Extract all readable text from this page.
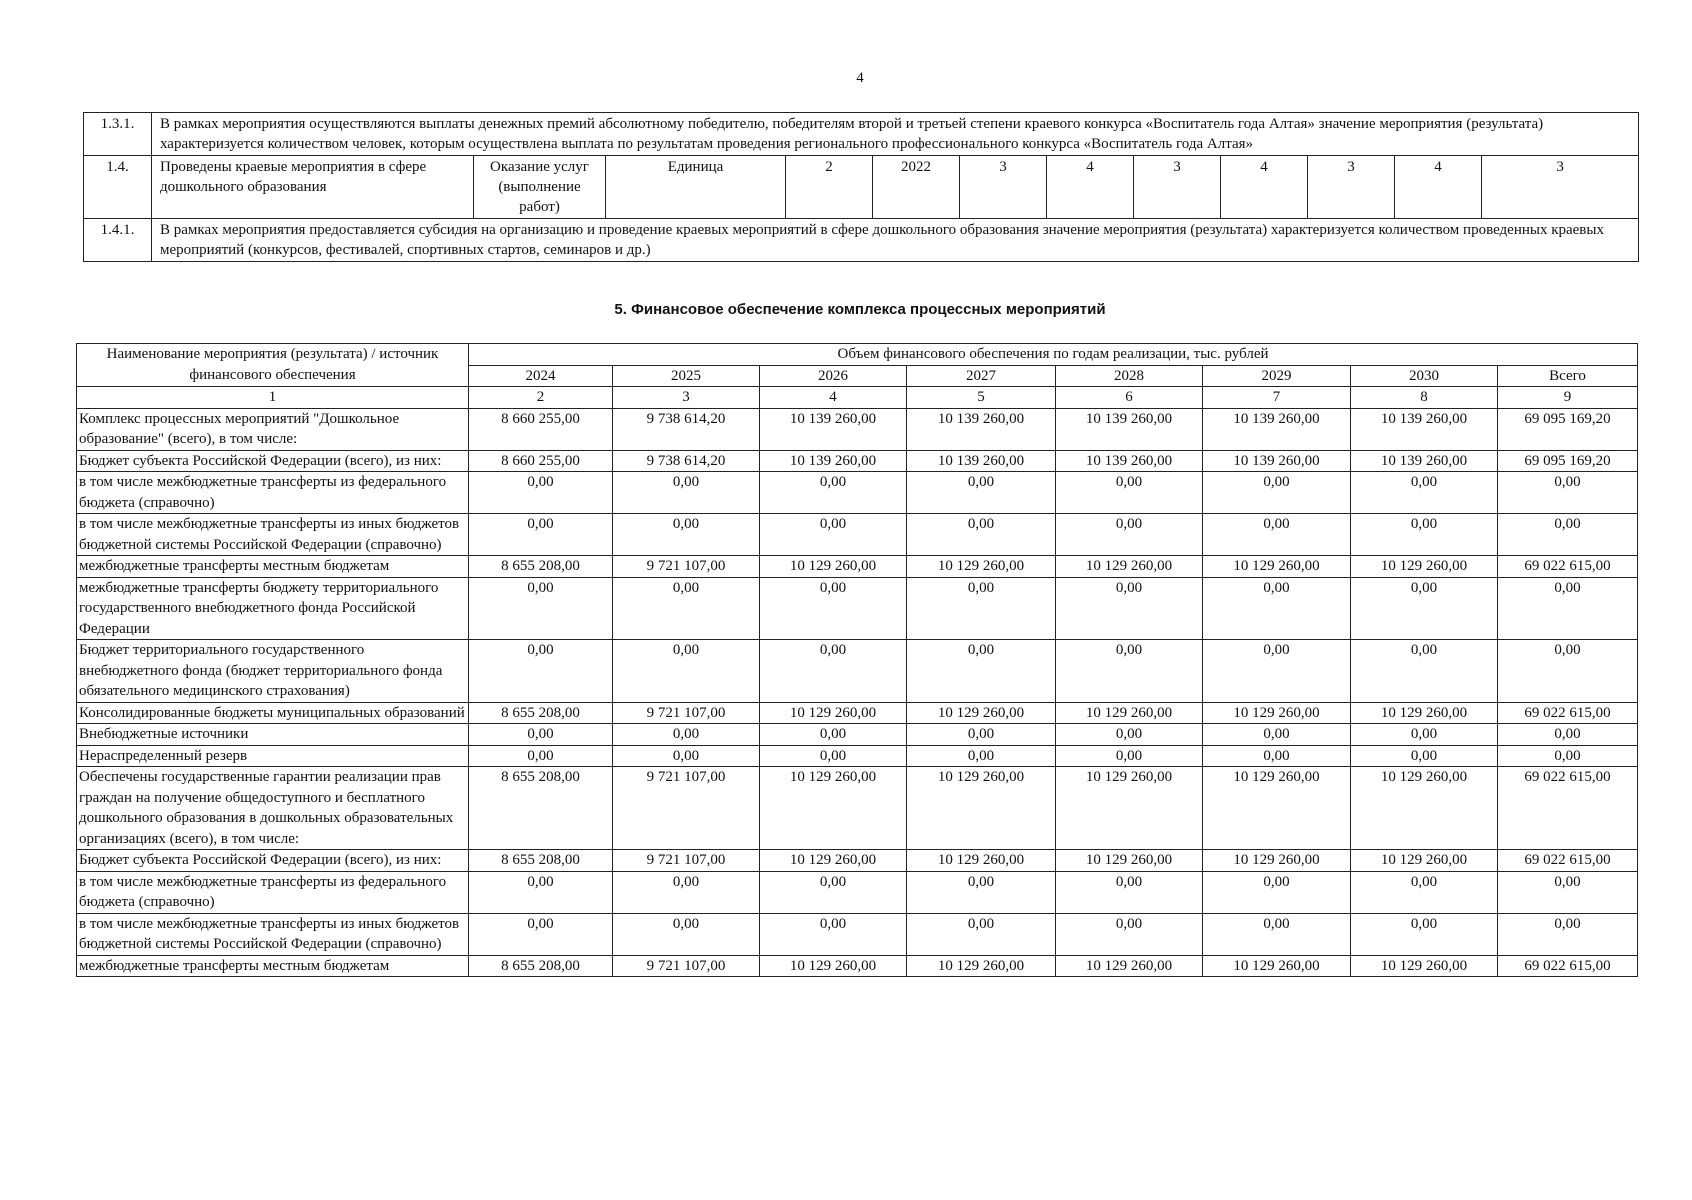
4
1.3.1.	В рамках мероприятия осуществляются выплаты денежных премий абсолютному победителю, победителям второй и третьей степени краевого конкурса «Воспитатель года Алтая» значение мероприятия (результата) характеризуется количеством человек, которым осуществлена выплата по результатам проведения регионального профессионального конкурса «Воспитатель года Алтая»											
1.4.	Проведены краевые мероприятия в сфере дошкольного образования	Оказание услуг (выполнение работ)	Единица	2	2022	3	4	3	4	3	4	3
1.4.1.	В рамках мероприятия предоставляется субсидия на организацию и проведение краевых мероприятий в сфере дошкольного образования значение мероприятия (результата) характеризуется количеством проведенных краевых мероприятий (конкурсов, фестивалей, спортивных стартов, семинаров и др.)											
5. Финансовое обеспечение комплекса процессных мероприятий
Наименование мероприятия (результата) / источник финансового обеспечения	Объем финансового обеспечения по годам реализации, тыс. рублей							
	2024	2025	2026	2027	2028	2029	2030	Всего
1	2	3	4	5	6	7	8	9
Комплекс процессных мероприятий "Дошкольное образование" (всего), в том числе:	8 660 255,00	9 738 614,20	10 139 260,00	10 139 260,00	10 139 260,00	10 139 260,00	10 139 260,00	69 095 169,20
Бюджет субъекта Российской Федерации (всего), из них:	8 660 255,00	9 738 614,20	10 139 260,00	10 139 260,00	10 139 260,00	10 139 260,00	10 139 260,00	69 095 169,20
в том числе межбюджетные трансферты из федерального бюджета (справочно)	0,00	0,00	0,00	0,00	0,00	0,00	0,00	0,00
в том числе межбюджетные трансферты из иных бюджетов бюджетной системы Российской Федерации (справочно)	0,00	0,00	0,00	0,00	0,00	0,00	0,00	0,00
межбюджетные трансферты местным бюджетам	8 655 208,00	9 721 107,00	10 129 260,00	10 129 260,00	10 129 260,00	10 129 260,00	10 129 260,00	69 022 615,00
межбюджетные трансферты бюджету территориального государственного внебюджетного фонда Российской Федерации	0,00	0,00	0,00	0,00	0,00	0,00	0,00	0,00
Бюджет территориального государственного внебюджетного фонда (бюджет территориального фонда обязательного медицинского страхования)	0,00	0,00	0,00	0,00	0,00	0,00	0,00	0,00
Консолидированные бюджеты муниципальных образований	8 655 208,00	9 721 107,00	10 129 260,00	10 129 260,00	10 129 260,00	10 129 260,00	10 129 260,00	69 022 615,00
Внебюджетные источники	0,00	0,00	0,00	0,00	0,00	0,00	0,00	0,00
Нераспределенный резерв	0,00	0,00	0,00	0,00	0,00	0,00	0,00	0,00
Обеспечены государственные гарантии реализации прав граждан на получение общедоступного и бесплатного дошкольного образования в дошкольных образовательных организациях (всего), в том числе:	8 655 208,00	9 721 107,00	10 129 260,00	10 129 260,00	10 129 260,00	10 129 260,00	10 129 260,00	69 022 615,00
Бюджет субъекта Российской Федерации (всего), из них:	8 655 208,00	9 721 107,00	10 129 260,00	10 129 260,00	10 129 260,00	10 129 260,00	10 129 260,00	69 022 615,00
в том числе межбюджетные трансферты из федерального бюджета (справочно)	0,00	0,00	0,00	0,00	0,00	0,00	0,00	0,00
в том числе межбюджетные трансферты из иных бюджетов бюджетной системы Российской Федерации (справочно)	0,00	0,00	0,00	0,00	0,00	0,00	0,00	0,00
межбюджетные трансферты местным бюджетам	8 655 208,00	9 721 107,00	10 129 260,00	10 129 260,00	10 129 260,00	10 129 260,00	10 129 260,00	69 022 615,00
